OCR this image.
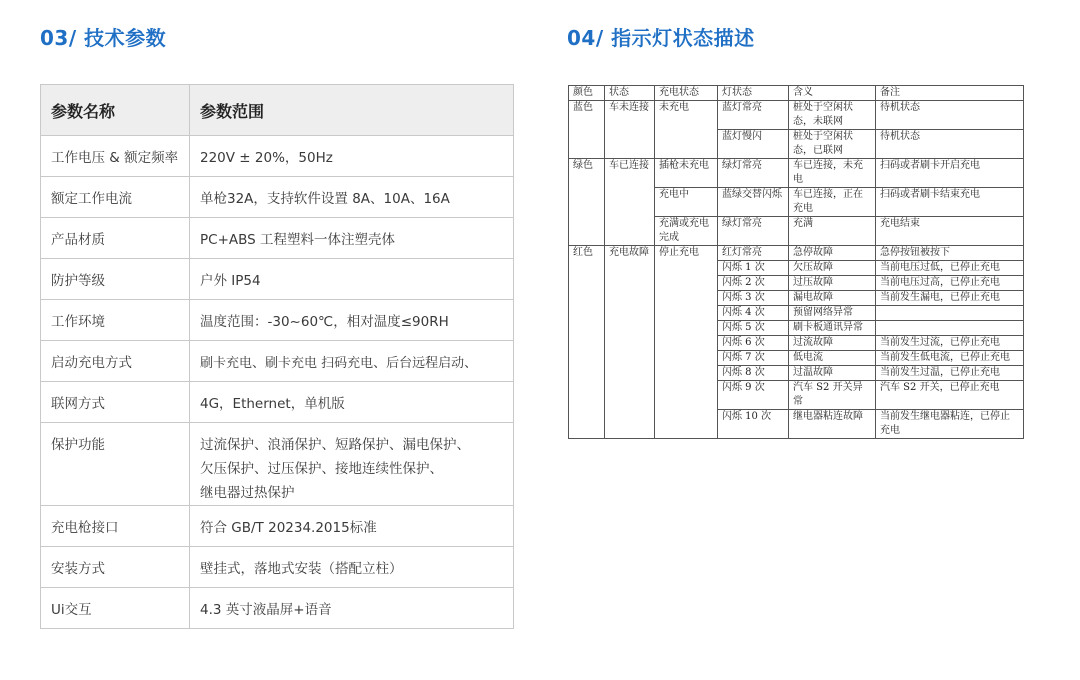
03/ 技术参数	04/ 指示灯状态描述
参数名称	参数范围
工作电压 & 额定频率	220V ± 20%，50Hz
额定工作电流	单枪32A，支持软件设置 8A、10A、16A
产品材质	PC+ABS 工程塑料一体注塑壳体
防护等级	户外 IP54
工作环境	温度范围：-30~60℃，相对温度≤90RH
启动充电方式	刷卡充电、刷卡充电 扫码充电、后台远程启动、
联网方式	4G，Ethernet，单机版
保护功能	过流保护、浪涌保护、短路保护、漏电保护、
欠压保护、过压保护、接地连续性保护、
继电器过热保护

充电枪接口	符合 GB/T 20234.2015标准
安装方式	壁挂式，落地式安装（搭配立柱）
Ui交互	4.3 英寸液晶屏+语音
颜色	状态	充电状态	灯状态	含义	备注
蓝色	车未连接	未充电	蓝灯常亮	桩处于空闲状态，未联网	待机状态
			蓝灯慢闪	桩处于空闲状态，已联网	待机状态
绿色	车已连接	插枪未充电	绿灯常亮	车已连接，未充电	扫码或者刷卡开启充电
		充电中	蓝绿交替闪烁	车已连接，正在充电	扫码或者刷卡结束充电
		充满或充电完成	绿灯常亮	充满	充电结束
红色	充电故障	停止充电	红灯常亮	急停故障	急停按钮被按下
			闪烁 1 次	欠压故障	当前电压过低，已停止充电
			闪烁 2 次	过压故障	当前电压过高，已停止充电
			闪烁 3 次	漏电故障	当前发生漏电，已停止充电
			闪烁 4 次	预留网络异常	
			闪烁 5 次	刷卡板通讯异常	
			闪烁 6 次	过流故障	当前发生过流，已停止充电
			闪烁 7 次	低电流	当前发生低电流，已停止充电
			闪烁 8 次	过温故障	当前发生过温，已停止充电
			闪烁 9 次	汽车 S2 开关异常	汽车 S2 开关，已停止充电
			闪烁 10 次	继电器粘连故障	当前发生继电器粘连，已停止充电
